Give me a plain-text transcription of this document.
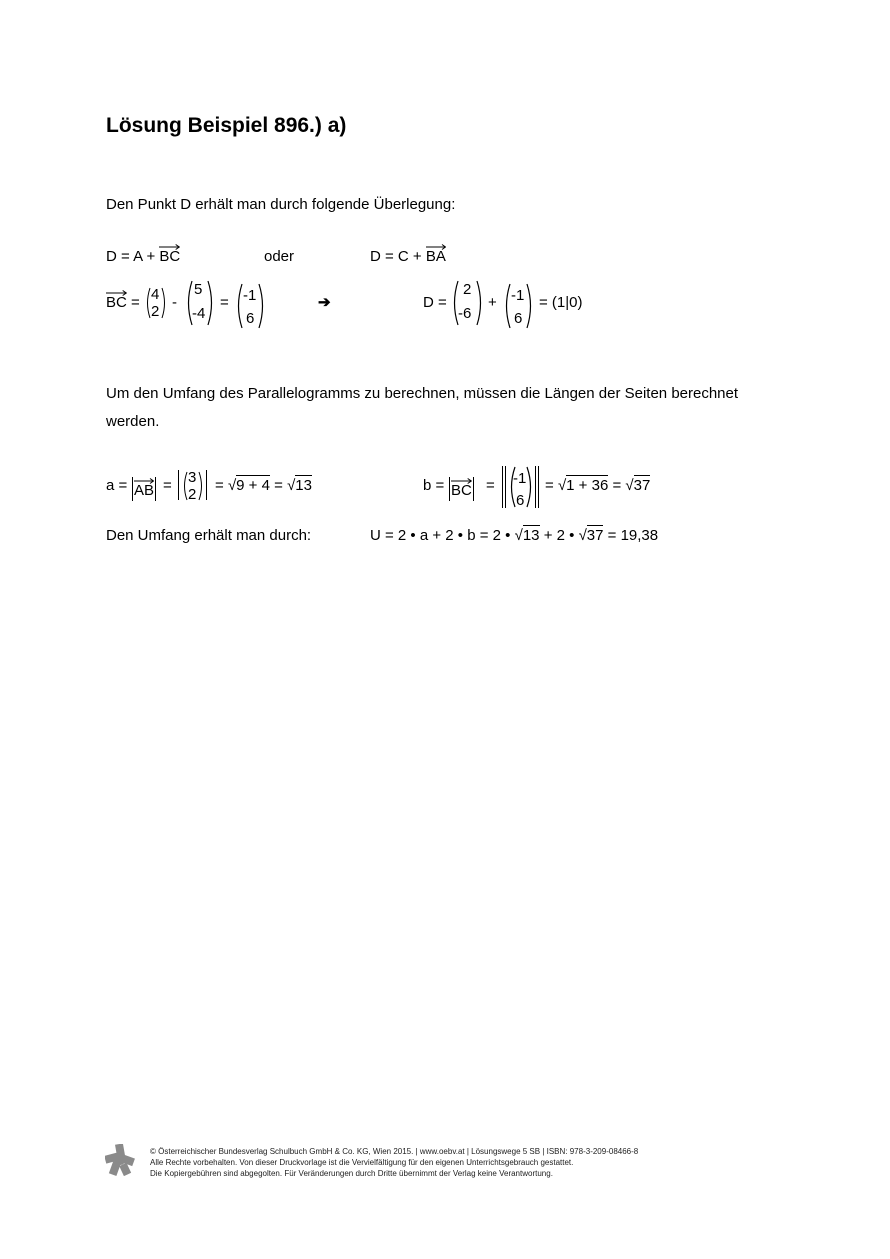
Lösung Beispiel 896.) a)
Den Punkt D erhält man durch folgende Überlegung:
D = A +
BC	oder	D = C +
BA
BC = 4
2
-
5
-4
= -1
6
➔	D =
2
-6
+ -1
6
= (1|0)
Um den Umfang des Parallelogramms zu berechnen, müssen die Längen der Seiten berechnet
werden.
a = AB = 3
2
= √9 + 4 = √13	b = BC = -1
6
= √1 + 36 = √37
Den Umfang erhält man durch:	U = 2 • a + 2 • b = 2 • √13 + 2 • √37 = 19,38
© Österreichischer Bundesverlag Schulbuch GmbH & Co. KG, Wien 2015. | www.oebv.at | Lösungswege 5 SB | ISBN: 978-3-209-08466-8
Alle Rechte vorbehalten. Von dieser Druckvorlage ist die Vervielfältigung für den eigenen Unterrichtsgebrauch gestattet.
Die Kopiergebühren sind abgegolten. Für Veränderungen durch Dritte übernimmt der Verlag keine Verantwortung.
